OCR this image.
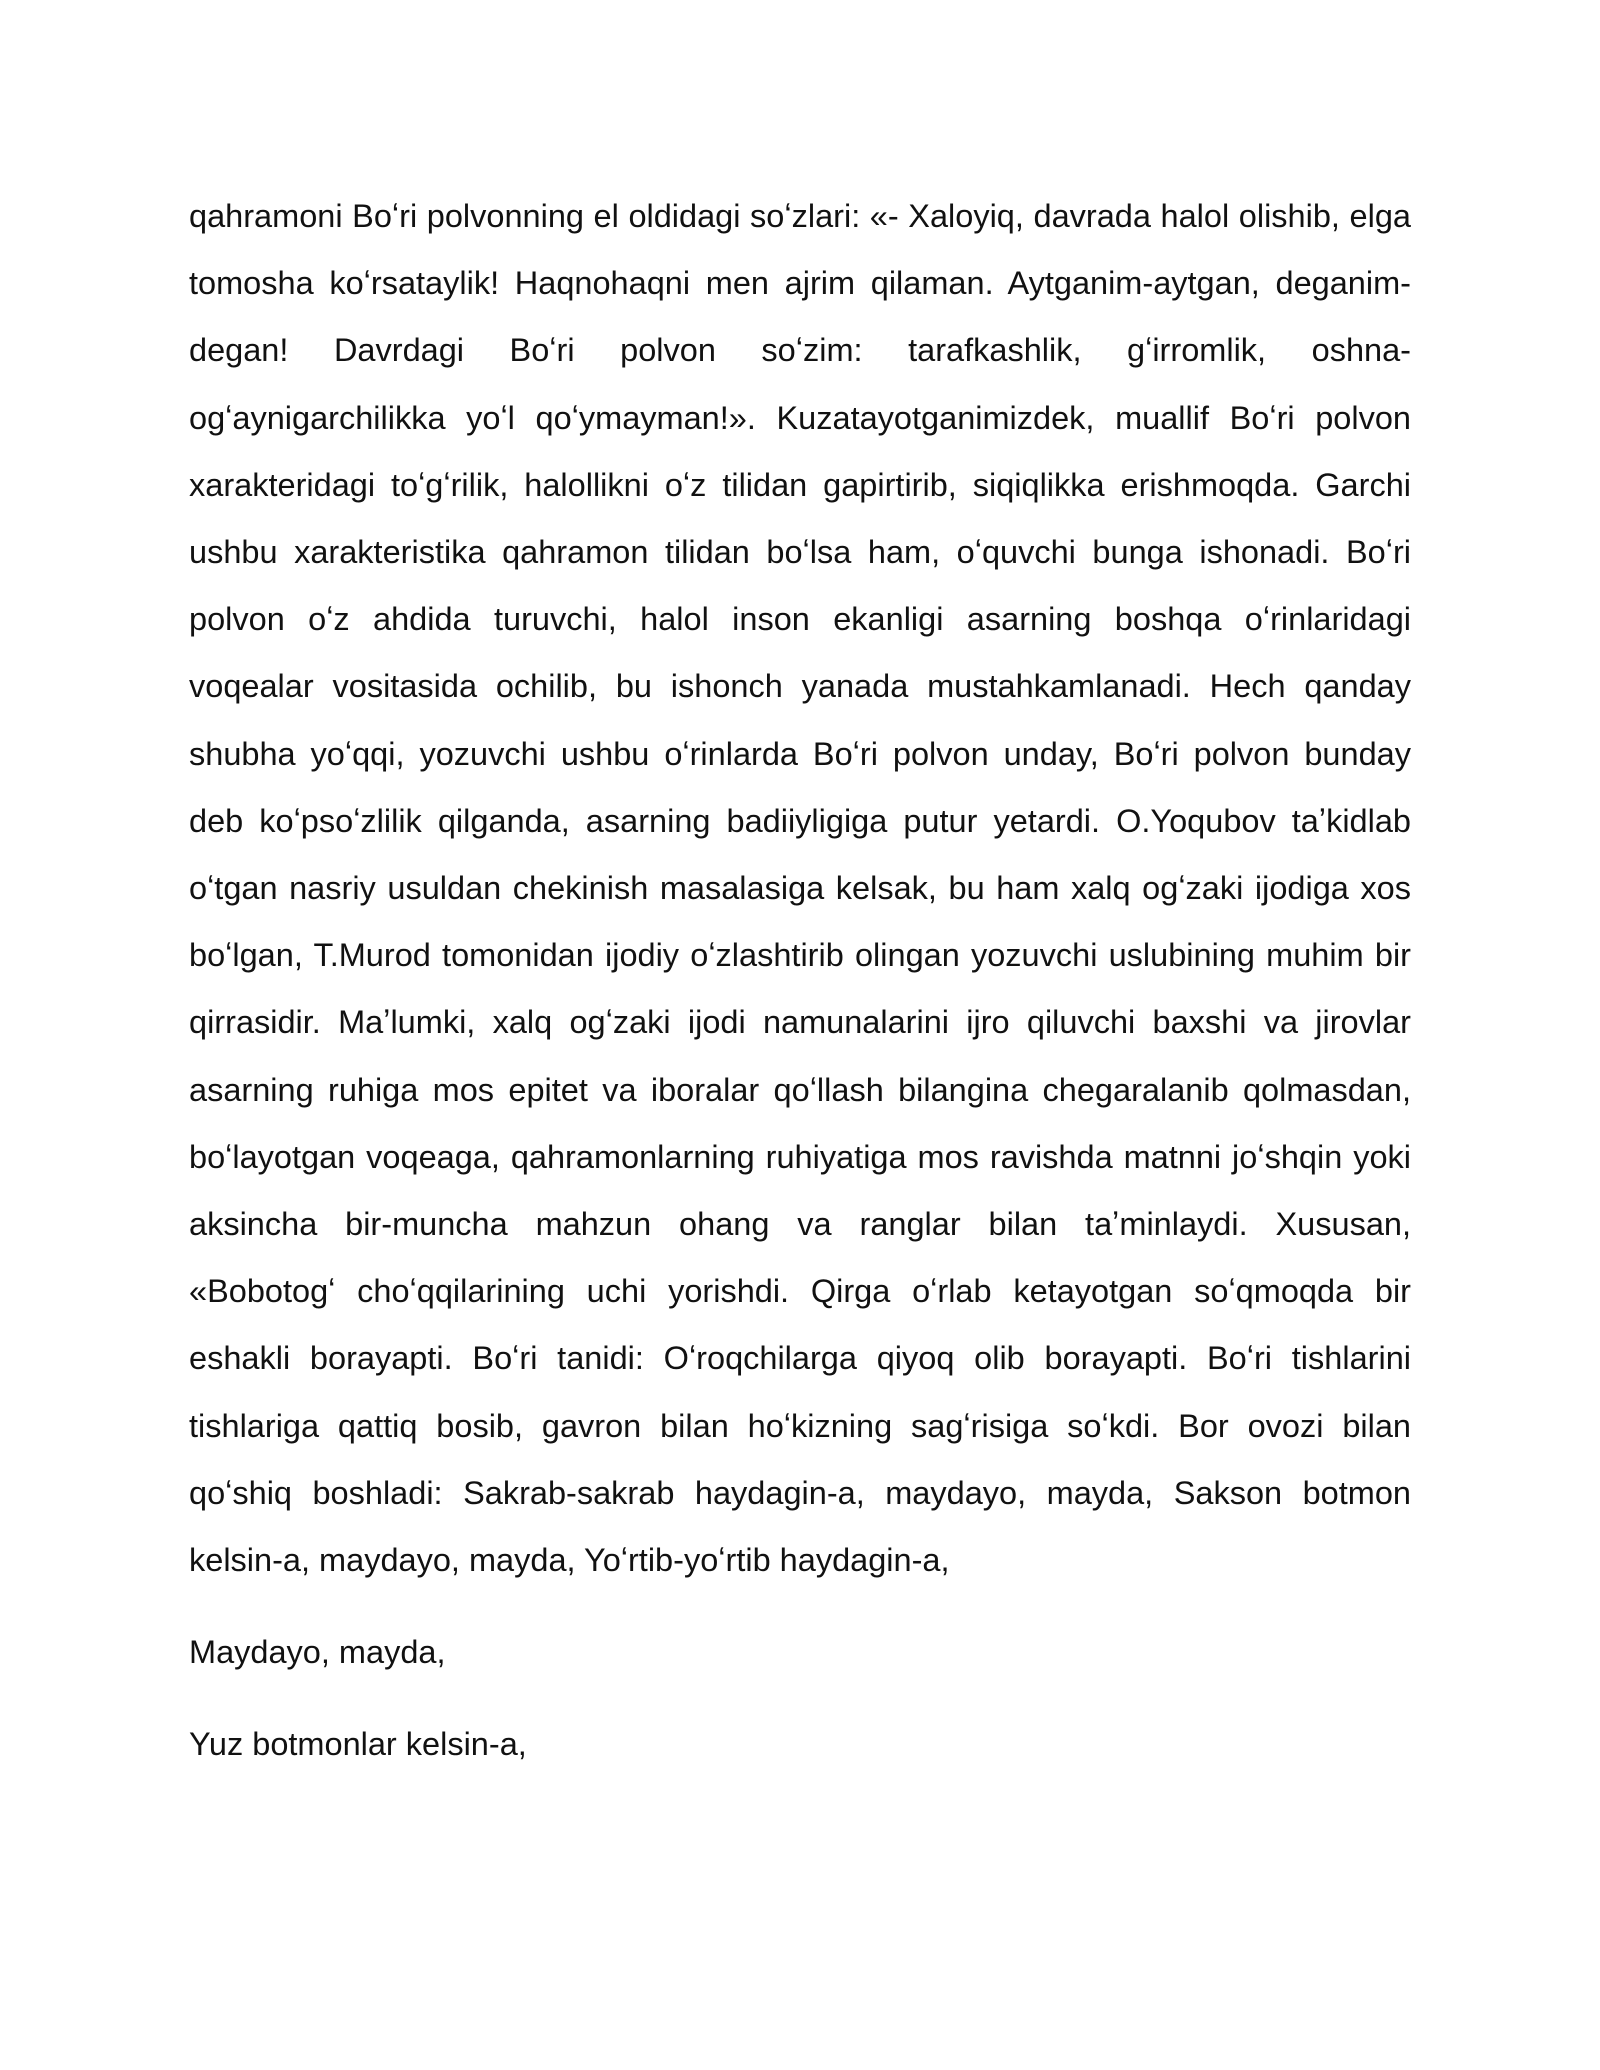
qahramoni Boʻri polvonning el oldidagi soʻzlari: «- Xaloyiq, davrada halol olishib, elga tomosha koʻrsataylik! Haqnohaqni men ajrim qilaman. Aytganim-aytgan, deganim-degan! Davrdagi Boʻri polvon soʻzim: tarafkashlik, gʻirromlik, oshna-ogʻaynigarchilikka yoʻl qoʻymayman!». Kuzatayotganimizdek, muallif Boʻri polvon xarakteridagi toʻgʻrilik, halollikni oʻz tilidan gapirtirib, siqiqlikka erishmoqda. Garchi ushbu xarakteristika qahramon tilidan boʻlsa ham, oʻquvchi bunga ishonadi. Boʻri polvon oʻz ahdida turuvchi, halol inson ekanligi asarning boshqa oʻrinlaridagi voqealar vositasida ochilib, bu ishonch yanada mustahkamlanadi. Hech qanday shubha yoʻqqi, yozuvchi ushbu oʻrinlarda Boʻri polvon unday, Boʻri polvon bunday deb koʻpsoʻzlilik qilganda, asarning badiiyligiga putur yetardi. O.Yoqubov taʼkidlab oʻtgan nasriy usuldan chekinish masalasiga kelsak, bu ham xalq ogʻzaki ijodiga xos boʻlgan, T.Murod tomonidan ijodiy oʻzlashtirib olingan yozuvchi uslubining muhim bir qirrasidir. Maʼlumki, xalq ogʻzaki ijodi namunalarini ijro qiluvchi baxshi va jirovlar asarning ruhiga mos epitet va iboralar qoʻllash bilangina chegaralanib qolmasdan, boʻlayotgan voqeaga, qahramonlarning ruhiyatiga mos ravishda matnni joʻshqin yoki aksincha bir-muncha mahzun ohang va ranglar bilan taʼminlaydi. Xususan, «Bobotogʻ choʻqqilarining uchi yorishdi. Qirga oʻrlab ketayotgan soʻqmoqda bir eshakli borayapti. Boʻri tanidi: Oʻroqchilarga qiyoq olib borayapti. Boʻri tishlarini tishlariga qattiq bosib, gavron bilan hoʻkizning sagʻrisiga soʻkdi. Bor ovozi bilan qoʻshiq boshladi: Sakrab-sakrab haydagin-a, maydayo, mayda, Sakson botmon kelsin-a, maydayo, mayda, Yoʻrtib-yoʻrtib haydagin-a,

Maydayo, mayda,

Yuz botmonlar kelsin-a,
